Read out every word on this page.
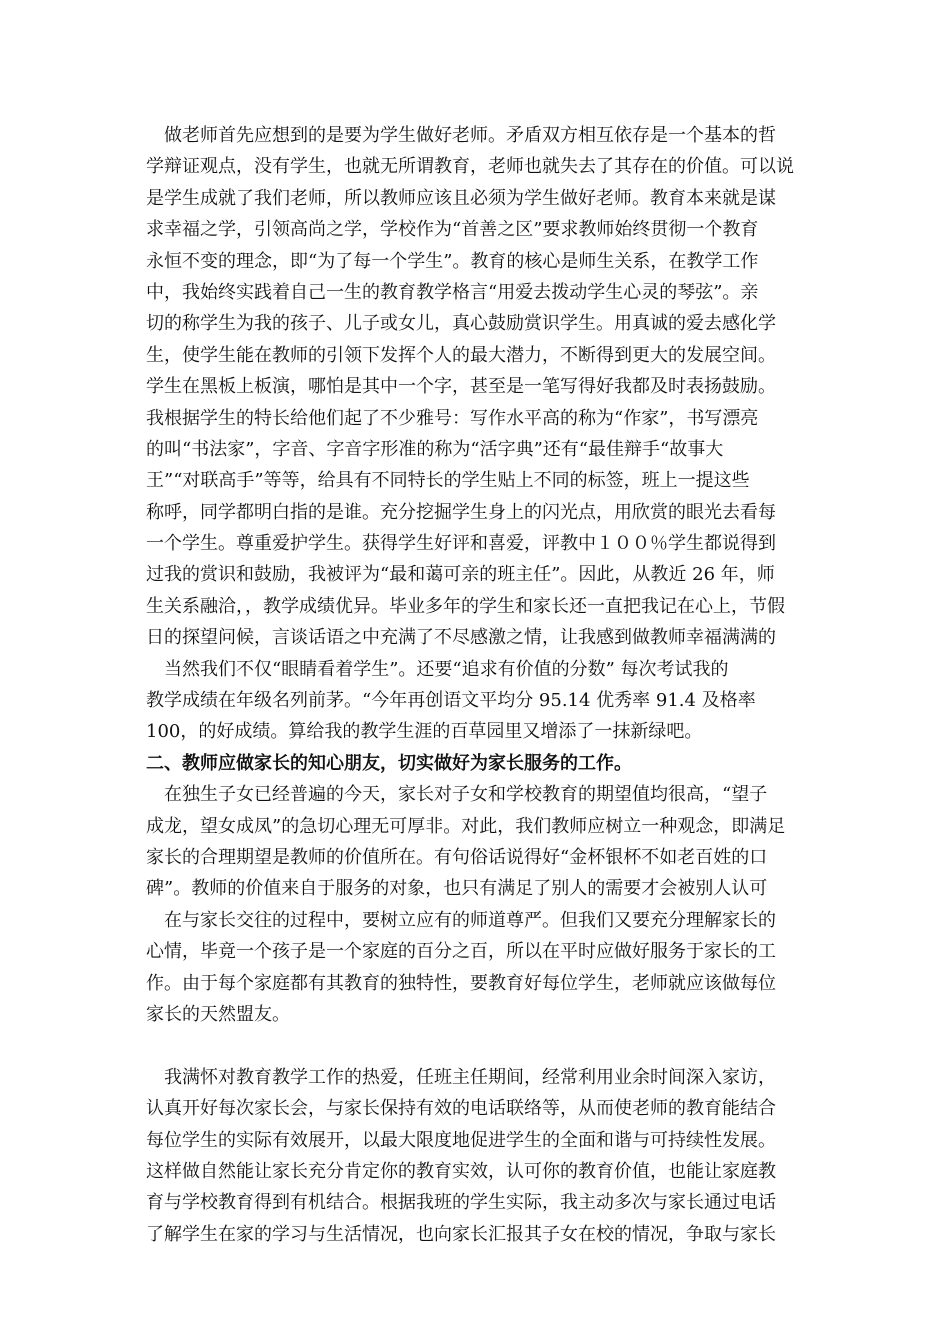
　做老师首先应想到的是要为学生做好老师。矛盾双方相互依存是一个基本的哲
学辩证观点，没有学生，也就无所谓教育，老师也就失去了其存在的价值。可以说
是学生成就了我们老师，所以教师应该且必须为学生做好老师。教育本来就是谋
求幸福之学，引领高尚之学，学校作为“首善之区”要求教师始终贯彻一个教育
永恒不变的理念，即“为了每一个学生”。教育的核心是师生关系，在教学工作
中，我始终实践着自己一生的教育教学格言“用爱去拨动学生心灵的琴弦”。亲
切的称学生为我的孩子、儿子或女儿，真心鼓励赏识学生。用真诚的爱去感化学
生，使学生能在教师的引领下发挥个人的最大潜力，不断得到更大的发展空间。
学生在黑板上板演，哪怕是其中一个字，甚至是一笔写得好我都及时表扬鼓励。
我根据学生的特长给他们起了不少雅号：写作水平高的称为“作家”，书写漂亮
的叫“书法家”，字音、字音字形准的称为“活字典”还有“最佳辩手“故事大
王”“对联高手”等等，给具有不同特长的学生贴上不同的标签，班上一提这些
称呼，同学都明白指的是谁。充分挖掘学生身上的闪光点，用欣赏的眼光去看每
一个学生。尊重爱护学生。获得学生好评和喜爱，评教中１００％学生都说得到
过我的赏识和鼓励，我被评为“最和蔼可亲的班主任”。因此，从教近 26 年，师
生关系融洽，，教学成绩优异。毕业多年的学生和家长还一直把我记在心上，节假
日的探望问候，言谈话语之中充满了不尽感激之情，让我感到做教师幸福满满的
　当然我们不仅“眼睛看着学生”。还要“追求有价值的分数” 每次考试我的
教学成绩在年级名列前茅。“今年再创语文平均分 95.14 优秀率 91.4 及格率
100，的好成绩。算给我的教学生涯的百草园里又增添了一抹新绿吧。
二、教师应做家长的知心朋友，切实做好为家长服务的工作。
　在独生子女已经普遍的今天，家长对子女和学校教育的期望值均很高，“望子
成龙，望女成凤”的急切心理无可厚非。对此，我们教师应树立一种观念，即满足
家长的合理期望是教师的价值所在。有句俗话说得好“金杯银杯不如老百姓的口
碑”。教师的价值来自于服务的对象，也只有满足了别人的需要才会被别人认可
　在与家长交往的过程中，要树立应有的师道尊严。但我们又要充分理解家长的
心情，毕竟一个孩子是一个家庭的百分之百，所以在平时应做好服务于家长的工
作。由于每个家庭都有其教育的独特性，要教育好每位学生，老师就应该做每位
家长的天然盟友。
　我满怀对教育教学工作的热爱，任班主任期间，经常利用业余时间深入家访，
认真开好每次家长会，与家长保持有效的电话联络等，从而使老师的教育能结合
每位学生的实际有效展开，以最大限度地促进学生的全面和谐与可持续性发展。
这样做自然能让家长充分肯定你的教育实效，认可你的教育价值，也能让家庭教
育与学校教育得到有机结合。根据我班的学生实际，我主动多次与家长通过电话
了解学生在家的学习与生活情况，也向家长汇报其子女在校的情况，争取与家长
